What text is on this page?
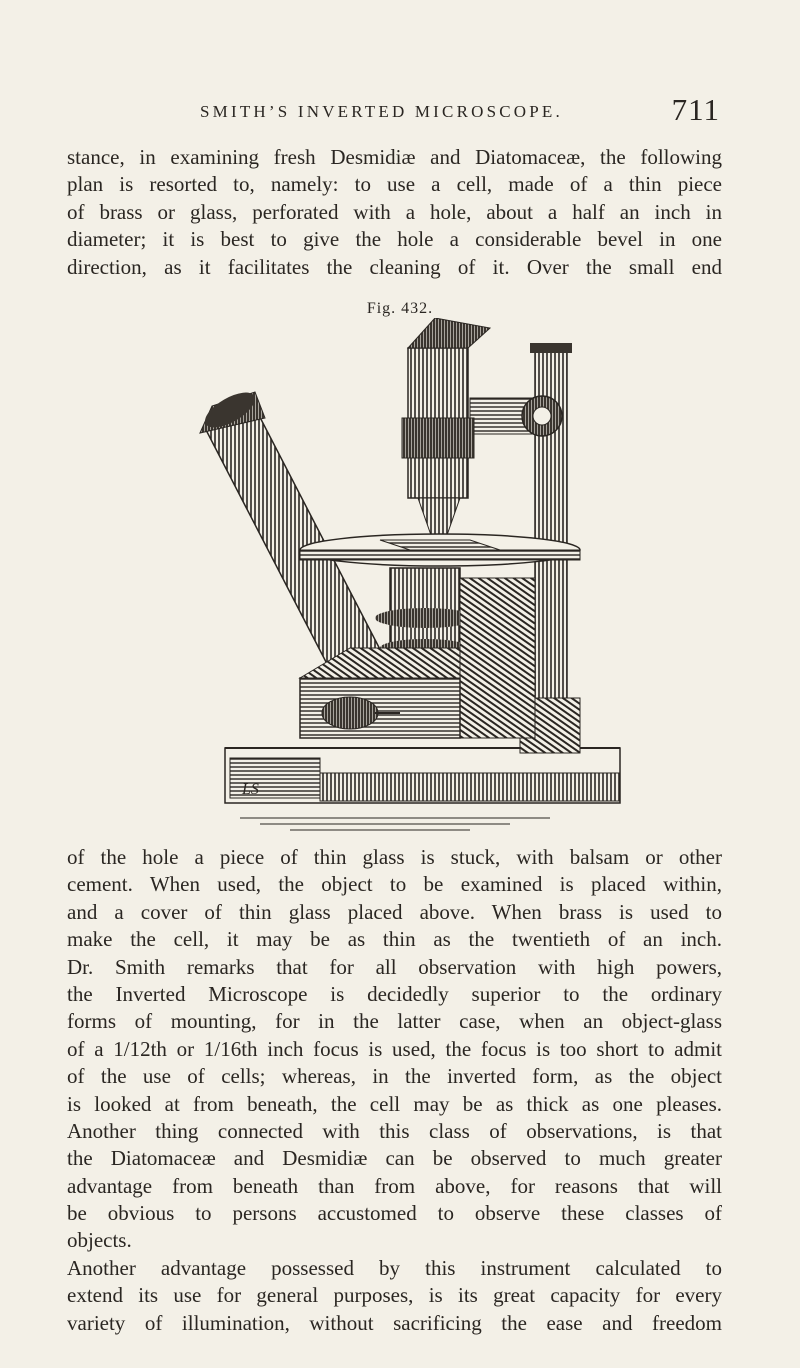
SMITH’S INVERTED MICROSCOPE.	711
stance, in examining fresh Desmidiæ and Diatomaceæ, the following
plan is resorted to, namely: to use a cell, made of a thin piece
of brass or glass, perforated with a hole, about a half an inch in
diameter; it is best to give the hole a considerable bevel in one
direction, as it facilitates the cleaning of it. Over the small end
Fig. 432.
LS
of the hole a piece of thin glass is stuck, with balsam or other
cement. When used, the object to be examined is placed within,
and a cover of thin glass placed above. When brass is used to
make the cell, it may be as thin as the twentieth of an inch.
Dr. Smith remarks that for all observation with high powers,
the Inverted Microscope is decidedly superior to the ordinary
forms of mounting, for in the latter case, when an object-glass
of a 1/12th or 1/16th inch focus is used, the focus is too short to admit
of the use of cells; whereas, in the inverted form, as the object
is looked at from beneath, the cell may be as thick as one pleases.
Another thing connected with this class of observations, is that
the Diatomaceæ and Desmidiæ can be observed to much greater
advantage from beneath than from above, for reasons that will
be obvious to persons accustomed to observe these classes of
objects.
Another advantage possessed by this instrument calculated to
extend its use for general purposes, is its great capacity for every
variety of illumination, without sacrificing the ease and freedom
